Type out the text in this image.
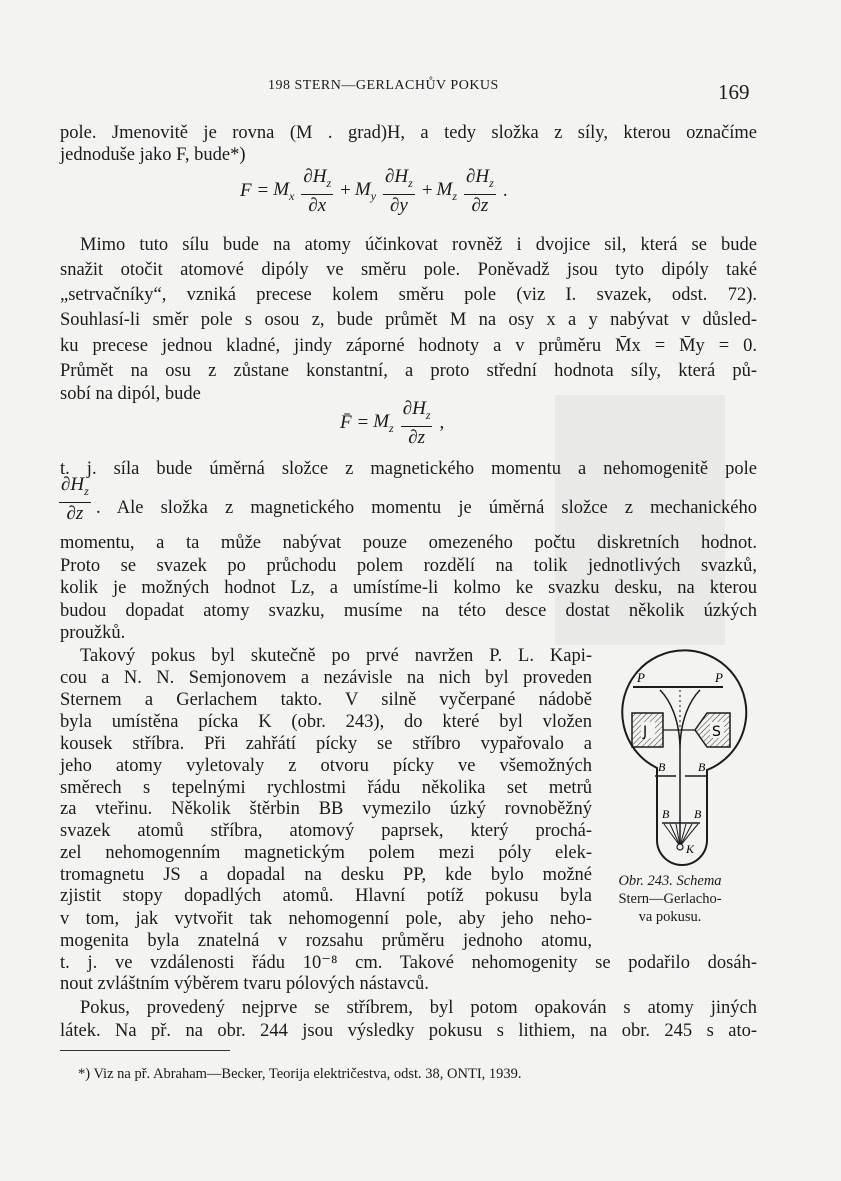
198 STERN—GERLACHŮV POKUS	169
pole. Jmenovitě je rovna (M . grad)H, a tedy složka z síly, kterou označíme
jednoduše jako F, bude*)
$F = M_x \frac{\partial H_z}{\partial x} + M_y \frac{\partial H_z}{\partial y} + M_z \frac{\partial H_z}{\partial z}$ .
Mimo tuto sílu bude na atomy účinkovat rovněž i dvojice sil, která se bude
snažit otočit atomové dipóly ve směru pole. Poněvadž jsou tyto dipóly také
„setrvačníky“, vzniká precese kolem směru pole (viz I. svazek, odst. 72).
Souhlasí-li směr pole s osou z, bude průmět M na osy x a y nabývat v důsled-
ku precese jednou kladné, jindy záporné hodnoty a v průměru M̄x = M̄y = 0.
Průmět na osu z zůstane konstantní, a proto střední hodnota síly, která pů-
sobí na dipól, bude
F̄ = $M_z \frac{\partial H_z}{\partial z}$ ,
t. j. síla bude úměrná složce z magnetického momentu a nehomogenitě pole
$\frac{\partial H_z}{\partial z}$ . Ale složka z magnetického momentu je úměrná složce z mechanického
momentu, a ta může nabývat pouze omezeného počtu diskretních hodnot.
Proto se svazek po průchodu polem rozdělí na tolik jednotlivých svazků,
kolik je možných hodnot Lz, a umístíme-li kolmo ke svazku desku, na kterou
budou dopadat atomy svazku, musíme na této desce dostat několik úzkých
proužků.
Takový pokus byl skutečně po prvé navržen P. L. Kapi-
cou a N. N. Semjonovem a nezávisle na nich byl proveden
Sternem a Gerlachem takto. V silně vyčerpané nádobě
byla umístěna pícka K (obr. 243), do které byl vložen
kousek stříbra. Při zahřátí pícky se stříbro vypařovalo a
jeho atomy vyletovaly z otvoru pícky ve všemožných
směrech s tepelnými rychlostmi řádu několika set metrů
za vteřinu. Několik štěrbin BB vymezilo úzký rovnoběžný
svazek atomů stříbra, atomový paprsek, který prochá-
zel nehomogenním magnetickým polem mezi póly elek-
tromagnetu JS a dopadal na desku PP, kde bylo možné
zjistit stopy dopadlých atomů. Hlavní potíž pokusu byla
v tom, jak vytvořit tak nehomogenní pole, aby jeho neho-
mogenita byla znatelná v rozsahu průměru jednoho atomu,
t. j. ve vzdálenosti řádu 10⁻⁸ cm. Takové nehomogenity se podařilo dosáh-
nout zvláštním výběrem tvaru pólových nástavců.
Pokus, provedený nejprve se stříbrem, byl potom opakován s atomy jiných
látek. Na př. na obr. 244 jsou výsledky pokusu s lithiem, na obr. 245 s ato-
P	P
J	S
B	B
B B
K
Obr. 243. Schema
Stern—Gerlacho-
va pokusu.
*) Viz na př. Abraham—Becker, Teorija električestva, odst. 38, ONTI, 1939.
